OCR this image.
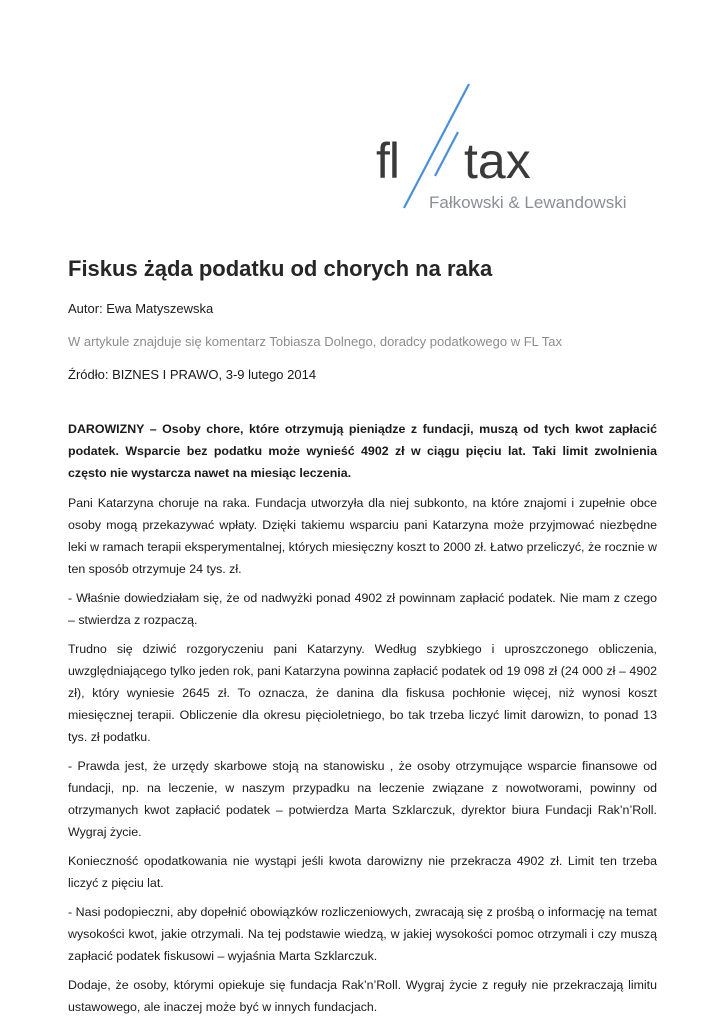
fl tax
Fałkowski & Lewandowski
Fiskus żąda podatku od chorych na raka
Autor: Ewa Matyszewska
W artykule znajduje się komentarz Tobiasza Dolnego, doradcy podatkowego w FL Tax
Źródło: BIZNES I PRAWO, 3-9 lutego 2014

DAROWIZNY – Osoby chore, które otrzymują pieniądze z fundacji, muszą od tych kwot zapłacić podatek. Wsparcie bez podatku może wynieść 4902 zł w ciągu pięciu lat. Taki limit zwolnienia często nie wystarcza nawet na miesiąc leczenia.

Pani Katarzyna choruje na raka. Fundacja utworzyła dla niej subkonto, na które znajomi i zupełnie obce osoby mogą przekazywać wpłaty. Dzięki takiemu wsparciu pani Katarzyna może przyjmować niezbędne leki w ramach terapii eksperymentalnej, których miesięczny koszt to 2000 zł. Łatwo przeliczyć, że rocznie w ten sposób otrzymuje 24 tys. zł.

- Właśnie dowiedziałam się, że od nadwyżki ponad 4902 zł powinnam zapłacić podatek. Nie mam z czego – stwierdza z rozpaczą.

Trudno się dziwić rozgoryczeniu pani Katarzyny. Według szybkiego i uproszczonego obliczenia, uwzględniającego tylko jeden rok, pani Katarzyna powinna zapłacić podatek od 19 098 zł (24 000 zł – 4902 zł), który wyniesie 2645 zł. To oznacza, że danina dla fiskusa pochłonie więcej, niż wynosi koszt miesięcznej terapii. Obliczenie dla okresu pięcioletniego, bo tak trzeba liczyć limit darowizn, to ponad 13 tys. zł podatku.

- Prawda jest, że urzędy skarbowe stoją na stanowisku , że osoby otrzymujące wsparcie finansowe od fundacji, np. na leczenie, w naszym przypadku na leczenie związane z nowotworami, powinny od otrzymanych kwot zapłacić podatek – potwierdza Marta Szklarczuk, dyrektor biura Fundacji Rak’n’Roll. Wygraj życie.

Konieczność opodatkowania nie wystąpi jeśli kwota darowizny nie przekracza 4902 zł. Limit ten trzeba liczyć z pięciu lat.

- Nasi podopieczni, aby dopełnić obowiązków rozliczeniowych, zwracają się z prośbą o informację na temat wysokości kwot, jakie otrzymali. Na tej podstawie wiedzą, w jakiej wysokości pomoc otrzymali i czy muszą zapłacić podatek fiskusowi – wyjaśnia Marta Szklarczuk.

Dodaje, że osoby, którymi opiekuje się fundacja Rak’n’Roll. Wygraj życie z reguły nie przekraczają limitu ustawowego, ale inaczej może być w innych fundacjach.
